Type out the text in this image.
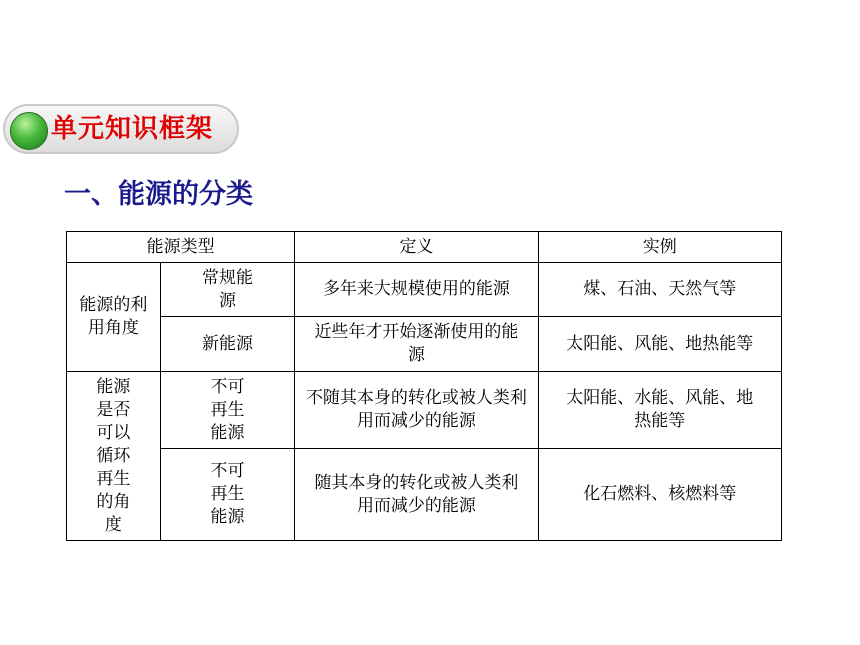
单元知识框架
一、能源的分类
能源类型		定义	实例
能源的利用角度	常规能源	多年来大规模使用的能源	煤、石油、天然气等
	新能源	近些年才开始逐渐使用的能源	太阳能、风能、地热能等
能源是否可以循环再生的角度	不可再生能源	不随其本身的转化或被人类利用而减少的能源	太阳能、水能、风能、地热能等
	不可再生能源	随其本身的转化或被人类利用而减少的能源	化石燃料、核燃料等
